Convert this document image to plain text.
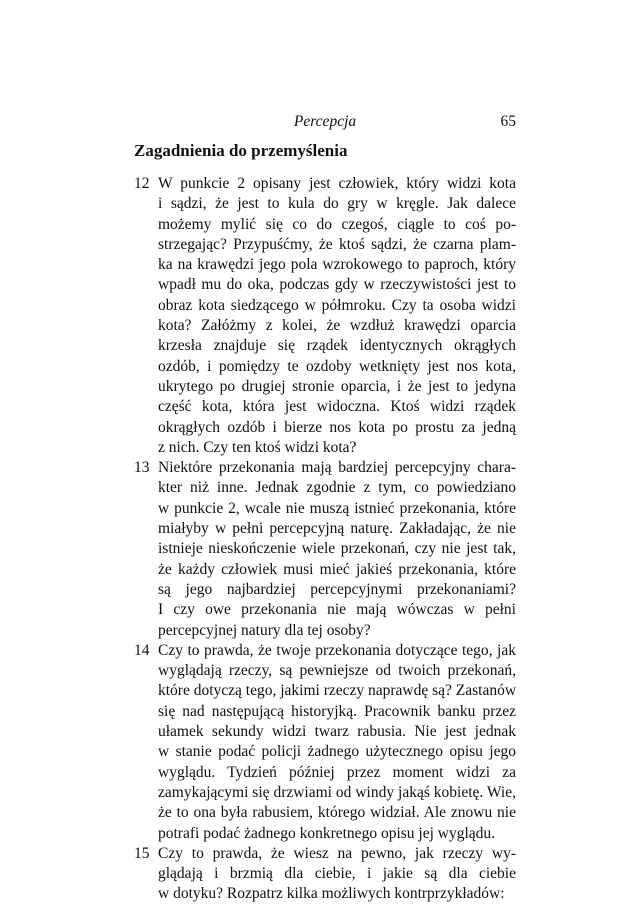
Percepcja	65
Zagadnienia do przemyślenia
12 W punkcie 2 opisany jest człowiek, który widzi kota
i sądzi, że jest to kula do gry w kręgle. Jak dalece
możemy mylić się co do czegoś, ciągle to coś po-
strzegając? Przypuśćmy, że ktoś sądzi, że czarna plam-
ka na krawędzi jego pola wzrokowego to paproch, który
wpadł mu do oka, podczas gdy w rzeczywistości jest to
obraz kota siedzącego w półmroku. Czy ta osoba widzi
kota? Załóżmy z kolei, że wzdłuż krawędzi oparcia
krzesła znajduje się rządek identycznych okrągłych
ozdób, i pomiędzy te ozdoby wetknięty jest nos kota,
ukrytego po drugiej stronie oparcia, i że jest to jedyna
część kota, która jest widoczna. Ktoś widzi rządek
okrągłych ozdób i bierze nos kota po prostu za jedną
z nich. Czy ten ktoś widzi kota?
13 Niektóre przekonania mają bardziej percepcyjny chara-
kter niż inne. Jednak zgodnie z tym, co powiedziano
w punkcie 2, wcale nie muszą istnieć przekonania, które
miałyby w pełni percepcyjną naturę. Zakładając, że nie
istnieje nieskończenie wiele przekonań, czy nie jest tak,
że każdy człowiek musi mieć jakieś przekonania, które
są jego najbardziej percepcyjnymi przekonaniami?
I czy owe przekonania nie mają wówczas w pełni
percepcyjnej natury dla tej osoby?
14 Czy to prawda, że twoje przekonania dotyczące tego, jak
wyglądają rzeczy, są pewniejsze od twoich przekonań,
które dotyczą tego, jakimi rzeczy naprawdę są? Zastanów
się nad następującą historyjką. Pracownik banku przez
ułamek sekundy widzi twarz rabusia. Nie jest jednak
w stanie podać policji żadnego użytecznego opisu jego
wyglądu. Tydzień później przez moment widzi za
zamykającymi się drzwiami od windy jakąś kobietę. Wie,
że to ona była rabusiem, którego widział. Ale znowu nie
potrafi podać żadnego konkretnego opisu jej wyglądu.
15 Czy to prawda, że wiesz na pewno, jak rzeczy wy-
glądają i brzmią dla ciebie, i jakie są dla ciebie
w dotyku? Rozpatrz kilka możliwych kontrprzykładów:
